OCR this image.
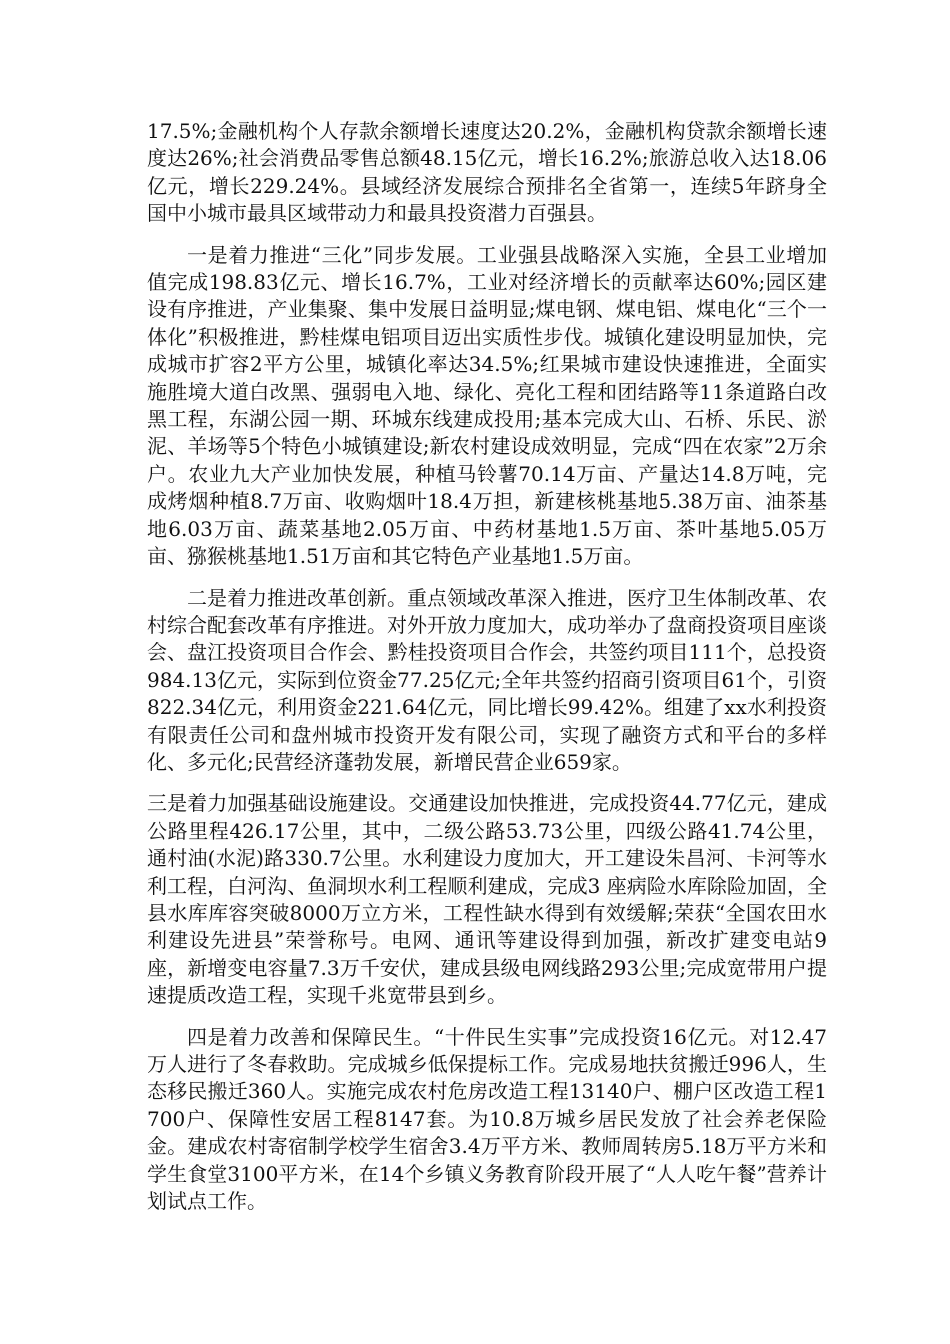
17.5%;金融机构个人存款余额增长速度达20.2%，金融机构贷款余额增长速度达26%;社会消费品零售总额48.15亿元，增长16.2%;旅游总收入达18.06亿元，增长229.24%。县域经济发展综合预排名全省第一，连续5年跻身全国中小城市最具区域带动力和最具投资潜力百强县。

一是着力推进“三化”同步发展。工业强县战略深入实施，全县工业增加值完成198.83亿元、增长16.7%，工业对经济增长的贡献率达60%;园区建设有序推进，产业集聚、集中发展日益明显;煤电钢、煤电铝、煤电化“三个一体化”积极推进，黔桂煤电铝项目迈出实质性步伐。城镇化建设明显加快，完成城市扩容2平方公里，城镇化率达34.5%;红果城市建设快速推进，全面实施胜境大道白改黑、强弱电入地、绿化、亮化工程和团结路等11条道路白改黑工程，东湖公园一期、环城东线建成投用;基本完成大山、石桥、乐民、淤泥、羊场等5个特色小城镇建设;新农村建设成效明显，完成“四在农家”2万余户。农业九大产业加快发展，种植马铃薯70.14万亩、产量达14.8万吨，完成烤烟种植8.7万亩、收购烟叶18.4万担，新建核桃基地5.38万亩、油茶基地6.03万亩、蔬菜基地2.05万亩、中药材基地1.5万亩、茶叶基地5.05万亩、猕猴桃基地1.51万亩和其它特色产业基地1.5万亩。

二是着力推进改革创新。重点领域改革深入推进，医疗卫生体制改革、农村综合配套改革有序推进。对外开放力度加大，成功举办了盘商投资项目座谈会、盘江投资项目合作会、黔桂投资项目合作会，共签约项目111个，总投资984.13亿元，实际到位资金77.25亿元;全年共签约招商引资项目61个，引资822.34亿元，利用资金221.64亿元，同比增长99.42%。组建了xx水利投资有限责任公司和盘州城市投资开发有限公司，实现了融资方式和平台的多样化、多元化;民营经济蓬勃发展，新增民营企业659家。

三是着力加强基础设施建设。交通建设加快推进，完成投资44.77亿元，建成公路里程426.17公里，其中，二级公路53.73公里，四级公路41.74公里，通村油(水泥)路330.7公里。水利建设力度加大，开工建设朱昌河、卡河等水利工程，白河沟、鱼洞坝水利工程顺利建成，完成3 座病险水库除险加固，全县水库库容突破8000万立方米，工程性缺水得到有效缓解;荣获“全国农田水利建设先进县”荣誉称号。电网、通讯等建设得到加强，新改扩建变电站9座，新增变电容量7.3万千安伏，建成县级电网线路293公里;完成宽带用户提速提质改造工程，实现千兆宽带县到乡。

四是着力改善和保障民生。“十件民生实事”完成投资16亿元。对12.47万人进行了冬春救助。完成城乡低保提标工作。完成易地扶贫搬迁996人，生态移民搬迁360人。实施完成农村危房改造工程13140户、棚户区改造工程1700户、保障性安居工程8147套。为10.8万城乡居民发放了社会养老保险金。建成农村寄宿制学校学生宿舍3.4万平方米、教师周转房5.18万平方米和学生食堂3100平方米，在14个乡镇义务教育阶段开展了“人人吃午餐”营养计划试点工作。
